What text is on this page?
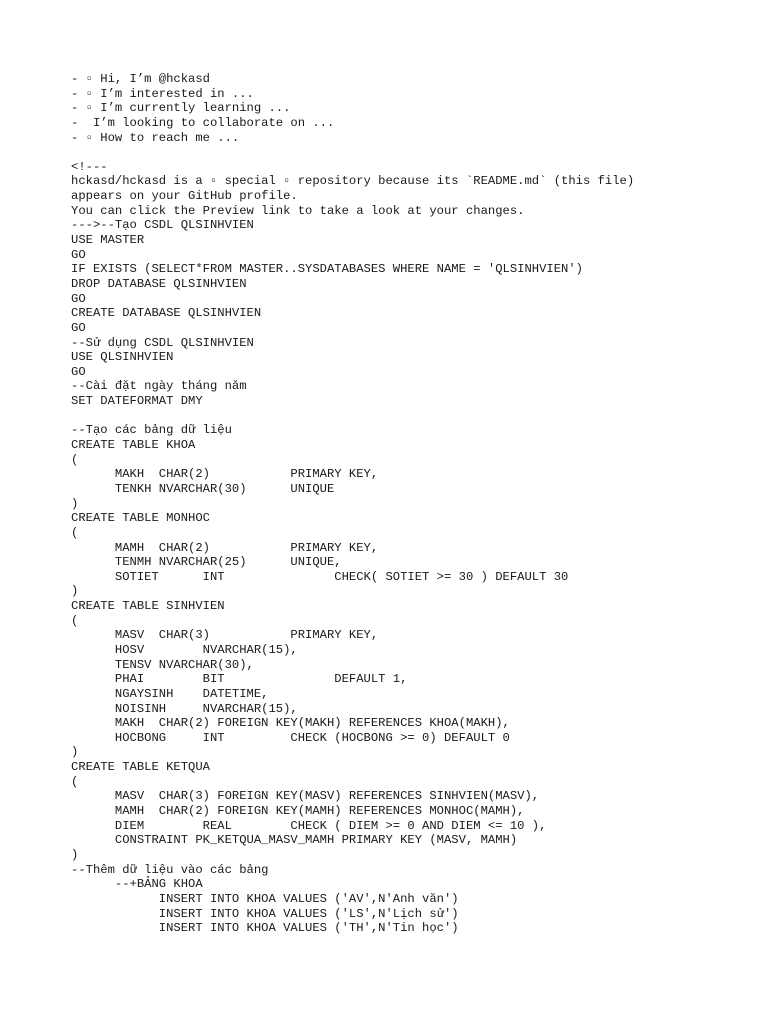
- ▫ Hi, I’m @hckasd
- ▫ I’m interested in ...
- ▫ I’m currently learning ...
-  I’m looking to collaborate on ...
- ▫ How to reach me ...
<!---
hckasd/hckasd is a ▫ special ▫ repository because its `README.md` (this file)
appears on your GitHub profile.
You can click the Preview link to take a look at your changes.
--->--Tạo CSDL QLSINHVIEN
USE MASTER
GO
IF EXISTS (SELECT*FROM MASTER..SYSDATABASES WHERE NAME = 'QLSINHVIEN')
DROP DATABASE QLSINHVIEN
GO
CREATE DATABASE QLSINHVIEN
GO
--Sử dụng CSDL QLSINHVIEN
USE QLSINHVIEN
GO
--Cài đặt ngày tháng năm
SET DATEFORMAT DMY
--Tạo các bảng dữ liệu
CREATE TABLE KHOA
(
MAKH  CHAR(2)           PRIMARY KEY,
TENKH NVARCHAR(30)      UNIQUE
)
CREATE TABLE MONHOC
(
MAMH  CHAR(2)           PRIMARY KEY,
TENMH NVARCHAR(25)      UNIQUE,
SOTIET      INT               CHECK( SOTIET >= 30 ) DEFAULT 30
)
CREATE TABLE SINHVIEN
(
MASV  CHAR(3)           PRIMARY KEY,
HOSV        NVARCHAR(15),
TENSV NVARCHAR(30),
PHAI        BIT               DEFAULT 1,
NGAYSINH    DATETIME,
NOISINH     NVARCHAR(15),
MAKH  CHAR(2) FOREIGN KEY(MAKH) REFERENCES KHOA(MAKH),
HOCBONG     INT         CHECK (HOCBONG >= 0) DEFAULT 0
)
CREATE TABLE KETQUA
(
MASV  CHAR(3) FOREIGN KEY(MASV) REFERENCES SINHVIEN(MASV),
MAMH  CHAR(2) FOREIGN KEY(MAMH) REFERENCES MONHOC(MAMH),
DIEM        REAL        CHECK ( DIEM >= 0 AND DIEM <= 10 ),
CONSTRAINT PK_KETQUA_MASV_MAMH PRIMARY KEY (MASV, MAMH)
)
--Thêm dữ liệu vào các bảng
--+BẢNG KHOA
INSERT INTO KHOA VALUES ('AV',N'Anh văn')
INSERT INTO KHOA VALUES ('LS',N'Lịch sử')
INSERT INTO KHOA VALUES ('TH',N'Tin học')
